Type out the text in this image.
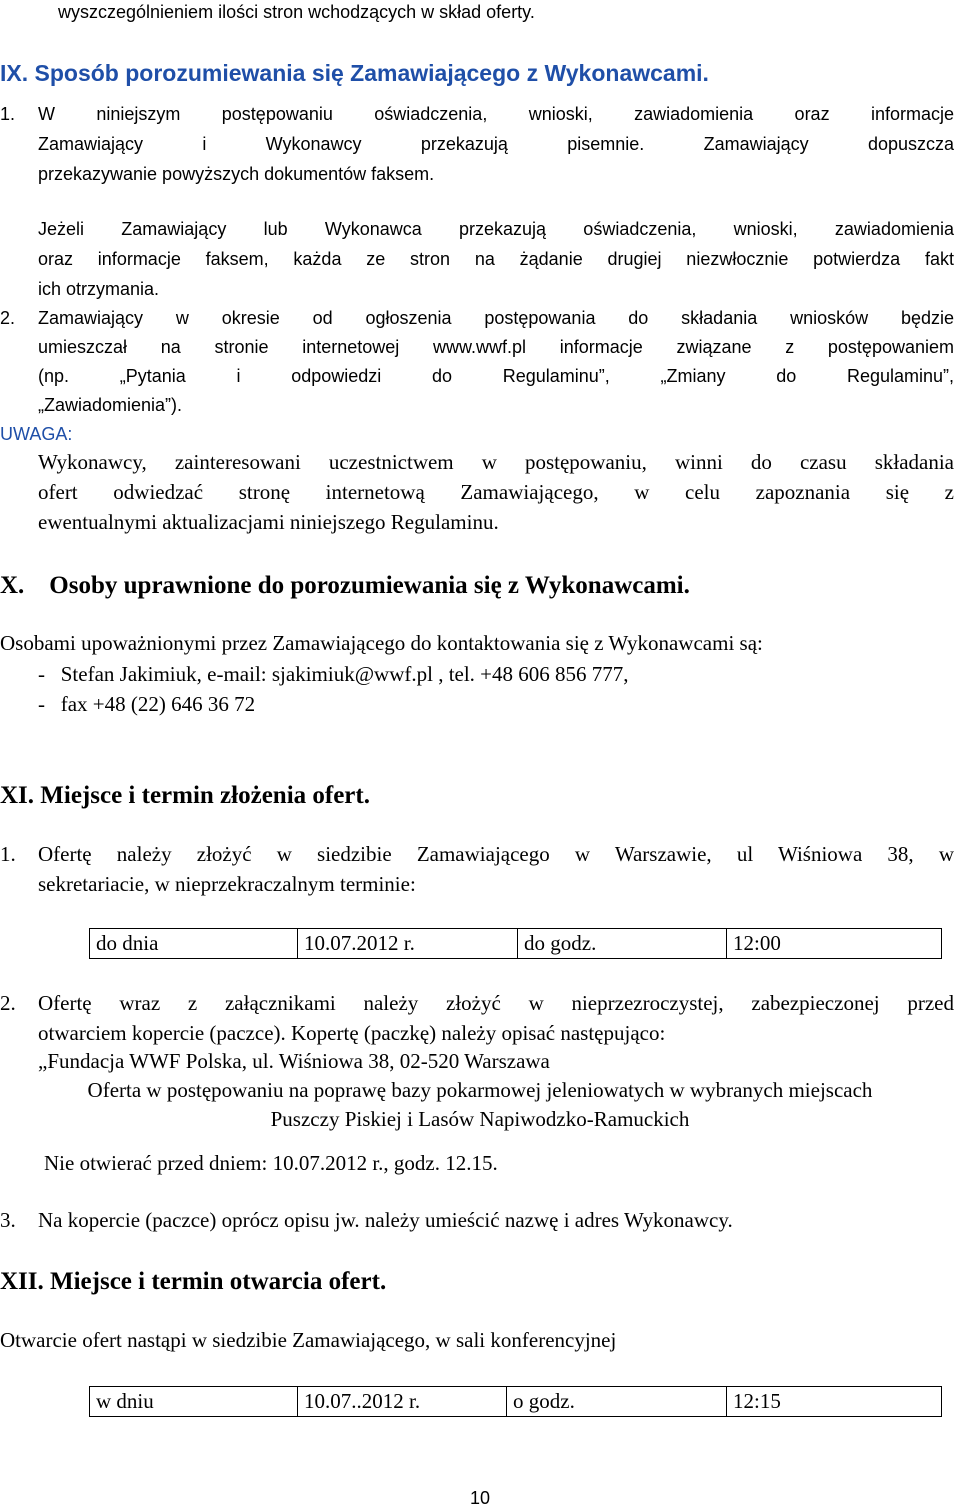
wyszczególnieniem ilości stron wchodzących w skład oferty.
IX. Sposób porozumiewania się Zamawiającego z Wykonawcami.
1. W niniejszym postępowaniu oświadczenia, wnioski, zawiadomienia oraz informacje
Zamawiający i Wykonawcy przekazują pisemnie. Zamawiający dopuszcza
przekazywanie powyższych dokumentów faksem.
Jeżeli Zamawiający lub Wykonawca przekazują oświadczenia, wnioski, zawiadomienia
oraz informacje faksem, każda ze stron na żądanie drugiej niezwłocznie potwierdza fakt
ich otrzymania.
2. Zamawiający w okresie od ogłoszenia postępowania do składania wniosków będzie
umieszczał na stronie internetowej www.wwf.pl informacje związane z postępowaniem
(np. „Pytania i odpowiedzi do Regulaminu”, „Zmiany do Regulaminu”,
„Zawiadomienia”).
UWAGA:
Wykonawcy, zainteresowani uczestnictwem w postępowaniu, winni do czasu składania
ofert odwiedzać stronę internetową Zamawiającego, w celu zapoznania się z
ewentualnymi aktualizacjami niniejszego Regulaminu.
X.    Osoby uprawnione do porozumiewania się z Wykonawcami.
Osobami upoważnionymi przez Zamawiającego do kontaktowania się z Wykonawcami są:
-   Stefan Jakimiuk, e-mail: sjakimiuk@wwf.pl , tel. +48 606 856 777,
-   fax +48 (22) 646 36 72
XI. Miejsce i termin złożenia ofert.
1. Ofertę należy złożyć w siedzibie Zamawiającego w Warszawie, ul Wiśniowa 38, w
sekretariacie, w nieprzekraczalnym terminie:
do dnia	10.07.2012 r.	do godz.	12:00
2. Ofertę wraz z załącznikami należy złożyć w nieprzezroczystej, zabezpieczonej przed
otwarciem kopercie (paczce). Kopertę (paczkę) należy opisać następująco:
„Fundacja WWF Polska, ul. Wiśniowa 38, 02-520 Warszawa
Oferta w postępowaniu na poprawę bazy pokarmowej jeleniowatych w wybranych miejscach
Puszczy Piskiej i Lasów Napiwodzko-Ramuckich
Nie otwierać przed dniem: 10.07.2012 r., godz. 12.15.
3. Na kopercie (paczce) oprócz opisu jw. należy umieścić nazwę i adres Wykonawcy.
XII. Miejsce i termin otwarcia ofert.
Otwarcie ofert nastąpi w siedzibie Zamawiającego, w sali konferencyjnej
w dniu	10.07..2012 r.	o godz.	12:15
10
